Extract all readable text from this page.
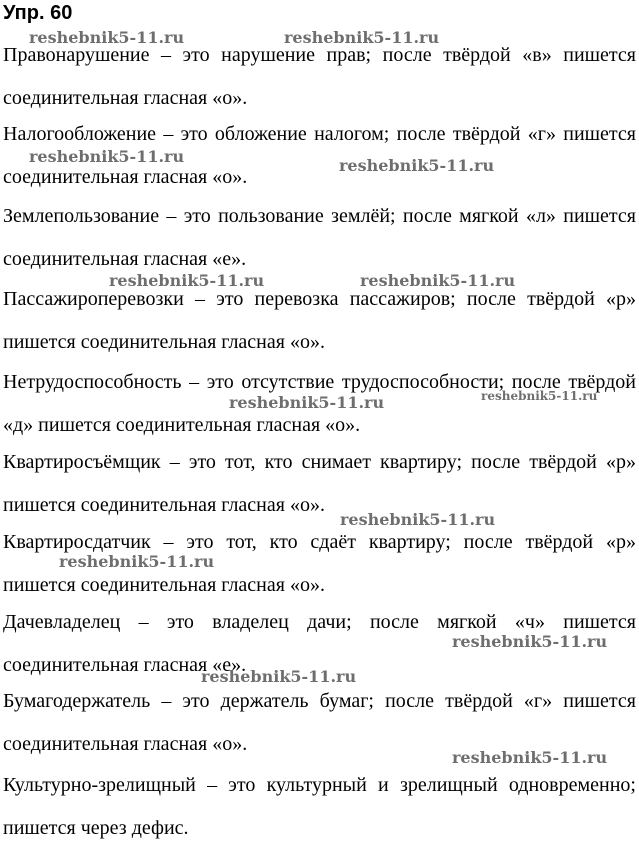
Упр. 60

Правонарушение – это нарушение прав; после твёрдой «в» пишется соединительная гласная «о».

Налогообложение – это обложение налогом; после твёрдой «г» пишется соединительная гласная «о».

Землепользование – это пользование землёй; после мягкой «л» пишется соединительная гласная «е».

Пассажироперевозки – это перевозка пассажиров; после твёрдой «р» пишется соединительная гласная «о».

Нетрудоспособность – это отсутствие трудоспособности; после твёрдой «д» пишется соединительная гласная «о».

Квартиросъёмщик – это тот, кто снимает квартиру; после твёрдой «р» пишется соединительная гласная «о».

Квартиросдатчик – это тот, кто сдаёт квартиру; после твёрдой «р» пишется соединительная гласная «о».

Дачевладелец – это владелец дачи; после мягкой «ч» пишется соединительная гласная «е».

Бумагодержатель – это держатель бумаг; после твёрдой «г» пишется соединительная гласная «о».

Культурно-зрелищный – это культурный и зрелищный одновременно; пишется через дефис.

reshebnik5-11.ru	reshebnik5-11.ru
reshebnik5-11.ru	reshebnik5-11.ru
reshebnik5-11.ru	reshebnik5-11.ru
reshebnik5-11.ru	reshebnik5-11.ru
reshebnik5-11.ru
reshebnik5-11.ru
reshebnik5-11.ru
reshebnik5-11.ru
reshebnik5-11.ru
